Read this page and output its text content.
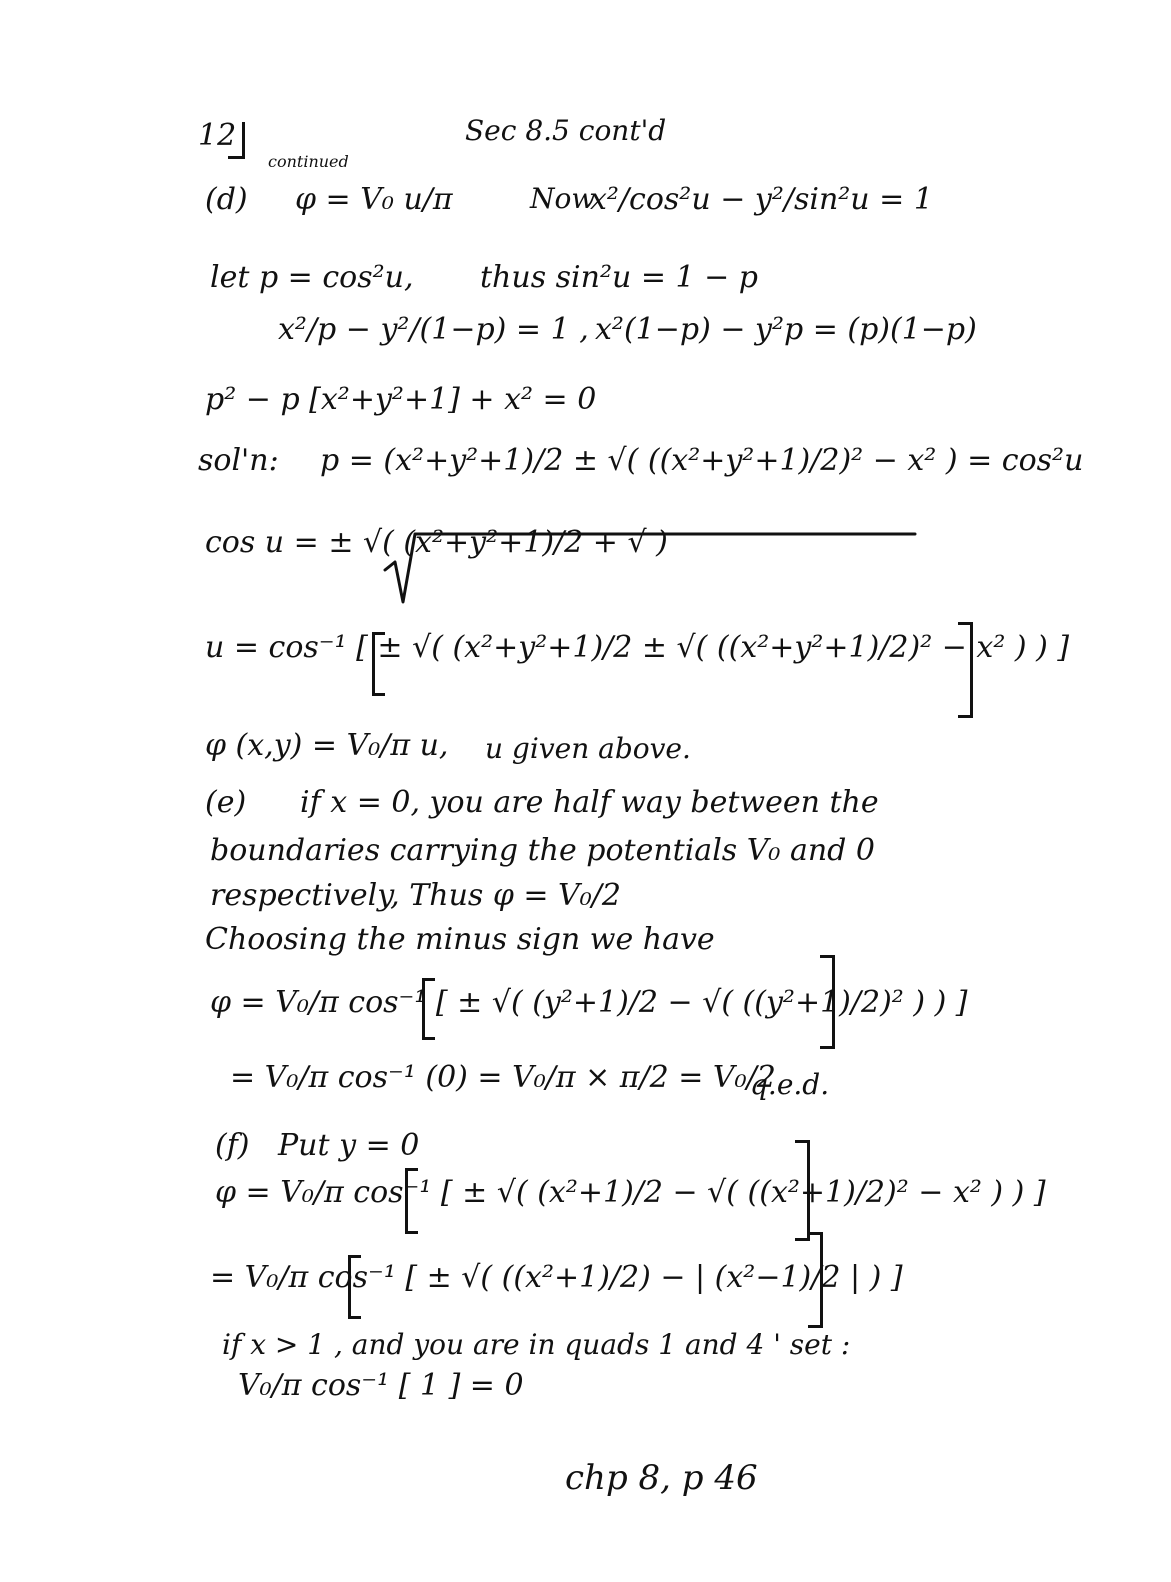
12	Sec 8.5 cont'd
continued
(d) φ = V₀ u/π	Now
x²/cos²u − y²/sin²u = 1
let p = cos²u, thus sin²u = 1 − p
x²/p − y²/(1−p) = 1 , x²(1−p) − y²p = (p)(1−p)
p² − p [x²+y²+1] + x² = 0
sol'n: p = (x²+y²+1)/2 ± √( ((x²+y²+1)/2)² − x² ) = cos²u
cos u = ± √( (x²+y²+1)/2 + √ )
u = cos⁻¹ [ ± √( (x²+y²+1)/2 ± √( ((x²+y²+1)/2)² − x² ) ) ]
φ (x,y) = V₀/π u, u given above.
(e) if x = 0, you are half way between the
boundaries carrying the potentials V₀ and 0
respectively, Thus φ = V₀/2
Choosing the minus sign we have
φ = V₀/π cos⁻¹ [ ± √( (y²+1)/2 − √( ((y²+1)/2)² ) ) ]
= V₀/π cos⁻¹ (0) = V₀/π × π/2 = V₀/2
q.e.d.
(f) Put y = 0
φ = V₀/π cos⁻¹ [ ± √( (x²+1)/2 − √( ((x²+1)/2)² − x² ) ) ]
= V₀/π cos⁻¹ [ ± √( ((x²+1)/2) − | (x²−1)/2 | ) ]
if x > 1 , and you are in quads 1 and 4 ' set :
V₀/π cos⁻¹ [ 1 ] = 0
chp 8, p 46
